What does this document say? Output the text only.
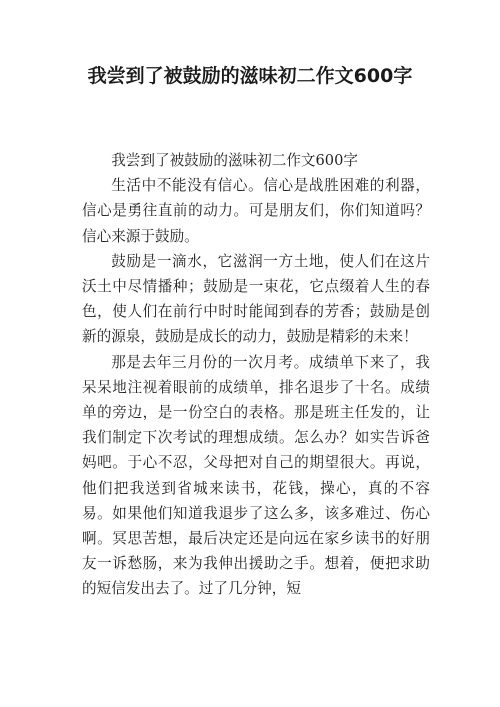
我尝到了被鼓励的滋味初二作文600字

我尝到了被鼓励的滋味初二作文600字

生活中不能没有信心。信心是战胜困难的利器，信心是勇往直前的动力。可是朋友们，你们知道吗？信心来源于鼓励。

鼓励是一滴水，它滋润一方土地，使人们在这片沃土中尽情播种；鼓励是一束花，它点缀着人生的春色，使人们在前行中时时能闻到春的芳香；鼓励是创新的源泉，鼓励是成长的动力，鼓励是精彩的未来！

那是去年三月份的一次月考。成绩单下来了，我呆呆地注视着眼前的成绩单，排名退步了十名。成绩单的旁边，是一份空白的表格。那是班主任发的，让我们制定下次考试的理想成绩。怎么办？如实告诉爸妈吧。于心不忍，父母把对自己的期望很大。再说，他们把我送到省城来读书，花钱，操心，真的不容易。如果他们知道我退步了这么多，该多难过、伤心啊。冥思苦想，最后决定还是向远在家乡读书的好朋友一诉愁肠，来为我伸出援助之手。想着，便把求助的短信发出去了。过了几分钟，短
